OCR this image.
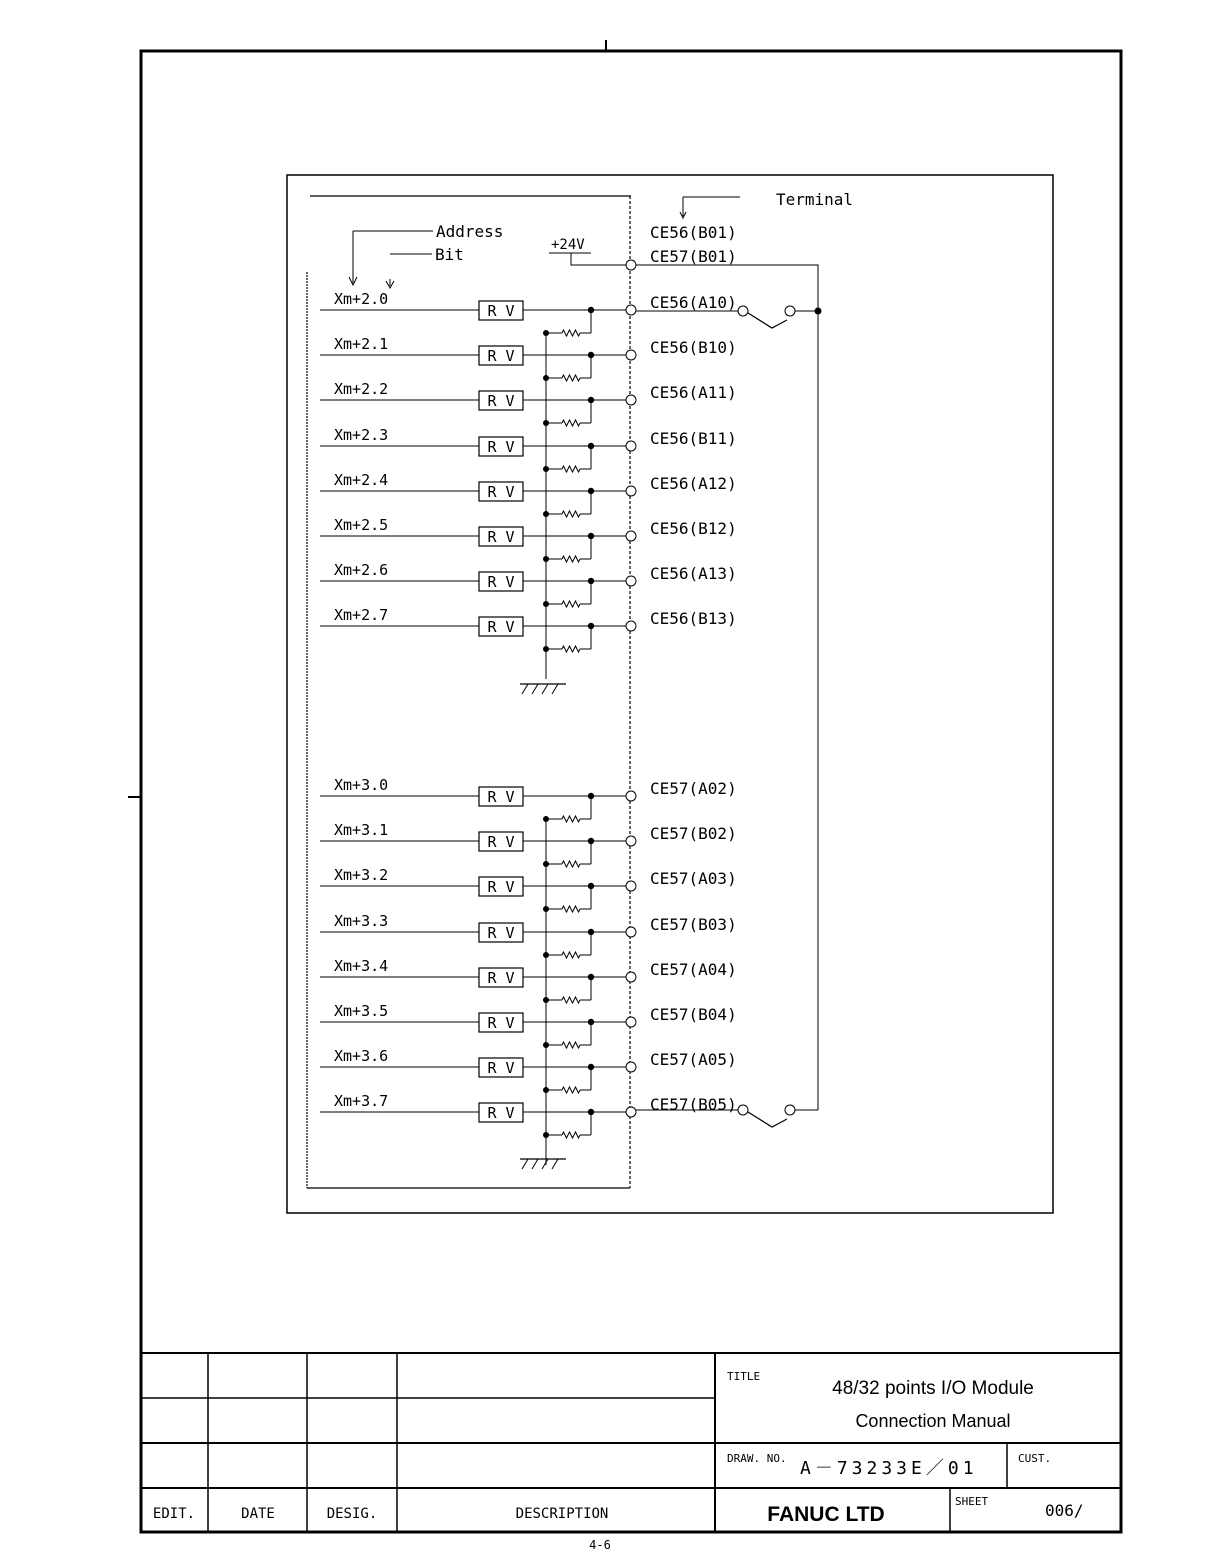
Terminal
Address
Bit	+24V
CE56(B01)
CE57(B01)
Xm+2.0
R V	CE56(A10)
Xm+2.1
R V	CE56(B10)
Xm+2.2
R V	CE56(A11)
Xm+2.3
R V	CE56(B11)
Xm+2.4
R V	CE56(A12)
Xm+2.5
R V	CE56(B12)
Xm+2.6
R V	CE56(A13)
Xm+2.7
R V	CE56(B13)
Xm+3.0
R V	CE57(A02)
Xm+3.1
R V	CE57(B02)
Xm+3.2
R V	CE57(A03)
Xm+3.3
R V	CE57(B03)
Xm+3.4
R V	CE57(A04)
Xm+3.5
R V	CE57(B04)
Xm+3.6
R V	CE57(A05)
Xm+3.7
R V	CE57(B05)
EDIT.	DATE	DESIG.	DESCRIPTION
TITLE
48/32 points I/O Module
Connection Manual
DRAW. NO. A－73233E／01	CUST.
FANUC LTD
SHEET	006/
4-6
